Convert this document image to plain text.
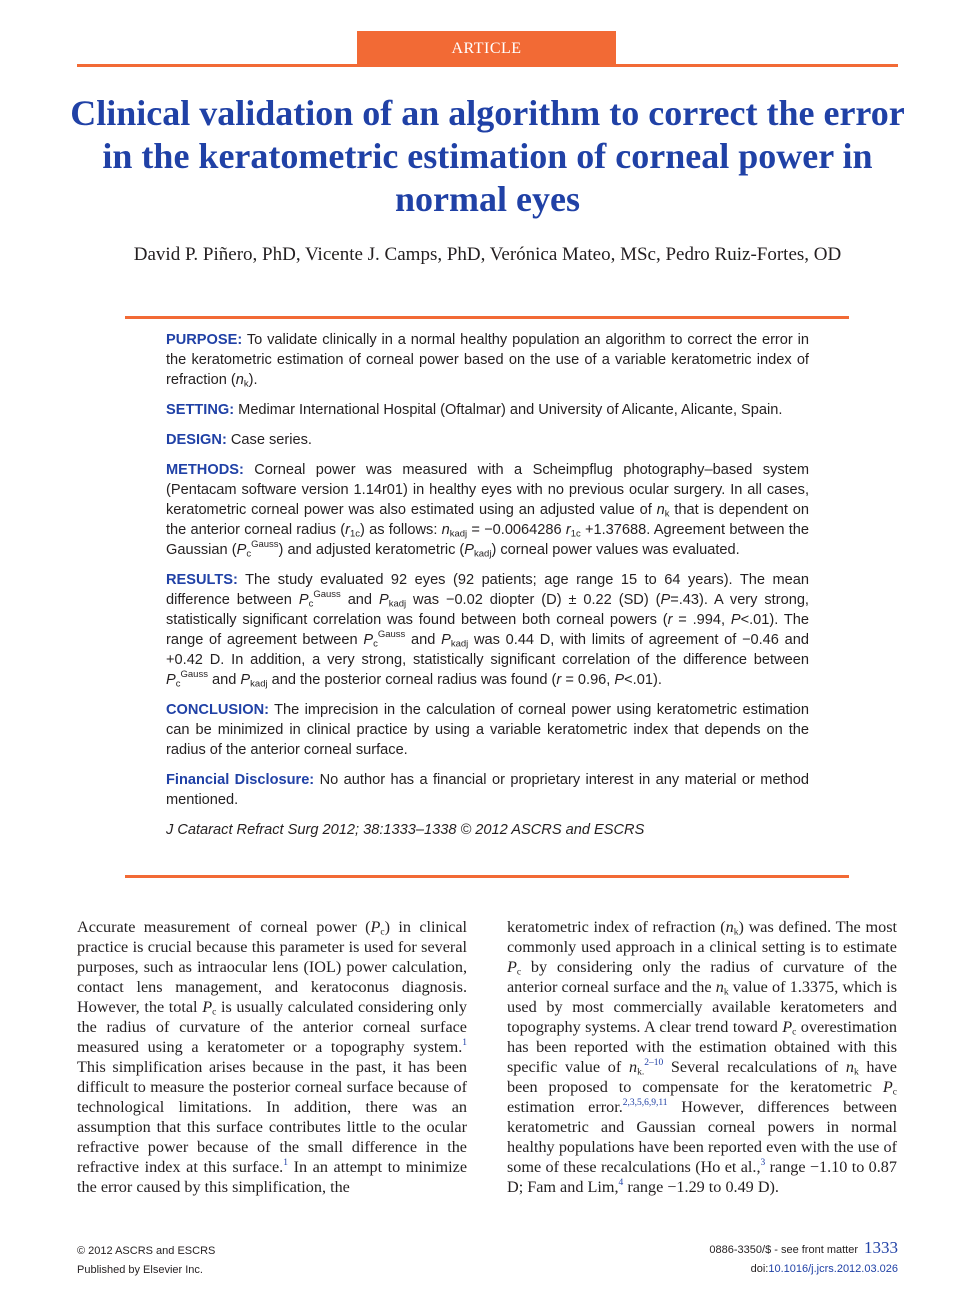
ARTICLE
Clinical validation of an algorithm to correct the error in the keratometric estimation of corneal power in normal eyes

David P. Piñero, PhD, Vicente J. Camps, PhD, Verónica Mateo, MSc, Pedro Ruiz-Fortes, OD

PURPOSE: To validate clinically in a normal healthy population an algorithm to correct the error in the keratometric estimation of corneal power based on the use of a variable keratometric index of refraction $(n_k)$.

SETTING: Medimar International Hospital (Oftalmar) and University of Alicante, Alicante, Spain.

DESIGN: Case series.

METHODS: Corneal power was measured with a Scheimpflug photography–based system (Pentacam software version 1.14r01) in healthy eyes with no previous ocular surgery. In all cases, keratometric corneal power was also estimated using an adjusted value of $n_k$ that is dependent on the anterior corneal radius $(r_{1c})$ as follows: $n_{kadj} = -0.0064286$ $r_{1c} +1.37688$. Agreement between the Gaussian $(P_c^{Gauss})$ and adjusted keratometric $(P_{kadj})$ corneal power values was evaluated.

RESULTS: The study evaluated 92 eyes (92 patients; age range 15 to 64 years). The mean difference between $P_c^{Gauss}$ and $P_{kadj}$ was −0.02 diopter (D) ± 0.22 (SD) (P=.43). A very strong, statistically significant correlation was found between both corneal powers (r = .994, P<.01). The range of agreement between $P_c^{Gauss}$ and $P_{kadj}$ was 0.44 D, with limits of agreement of −0.46 and +0.42 D. In addition, a very strong, statistically significant correlation of the difference between $P_c^{Gauss}$ and $P_{kadj}$ and the posterior corneal radius was found (r = 0.96, P<.01).

CONCLUSION: The imprecision in the calculation of corneal power using keratometric estimation can be minimized in clinical practice by using a variable keratometric index that depends on the radius of the anterior corneal surface.

Financial Disclosure: No author has a financial or proprietary interest in any material or method mentioned.

J Cataract Refract Surg 2012; 38:1333–1338 © 2012 ASCRS and ESCRS

Accurate measurement of corneal power $(P_c)$ in clinical practice is crucial because this parameter is used for several purposes, such as intraocular lens (IOL) power calculation, contact lens management, and keratoconus diagnosis. However, the total $P_c$ is usually calculated considering only the radius of curvature of the anterior corneal surface measured using a keratometer or a topography system.$^1$ This simplification arises because in the past, it has been difficult to measure the posterior corneal surface because of technological limitations. In addition, there was an assumption that this surface contributes little to the ocular refractive power because of the small difference in the refractive index at this surface.$^1$ In an attempt to minimize the error caused by this simplification, the

keratometric index of refraction $(n_k)$ was defined. The most commonly used approach in a clinical setting is to estimate $P_c$ by considering only the radius of curvature of the anterior corneal surface and the $n_k$ value of 1.3375, which is used by most commercially available keratometers and topography systems. A clear trend toward $P_c$ overestimation has been reported with the estimation obtained with this specific value of $n_{k.}^{2-10}$ Several recalculations of $n_k$ have been proposed to compensate for the keratometric $P_c$ estimation error.$^{2,3,5,6,9,11}$ However, differences between keratometric and Gaussian corneal powers in normal healthy populations have been reported even with the use of some of these recalculations (Ho et al.,$^3$ range −1.10 to 0.87 D; Fam and Lim,$^4$ range −1.29 to 0.49 D).

© 2012 ASCRS and ESCRS
Published by Elsevier Inc.
0886-3350/$ - see front matter 1333
doi:10.1016/j.jcrs.2012.03.026
